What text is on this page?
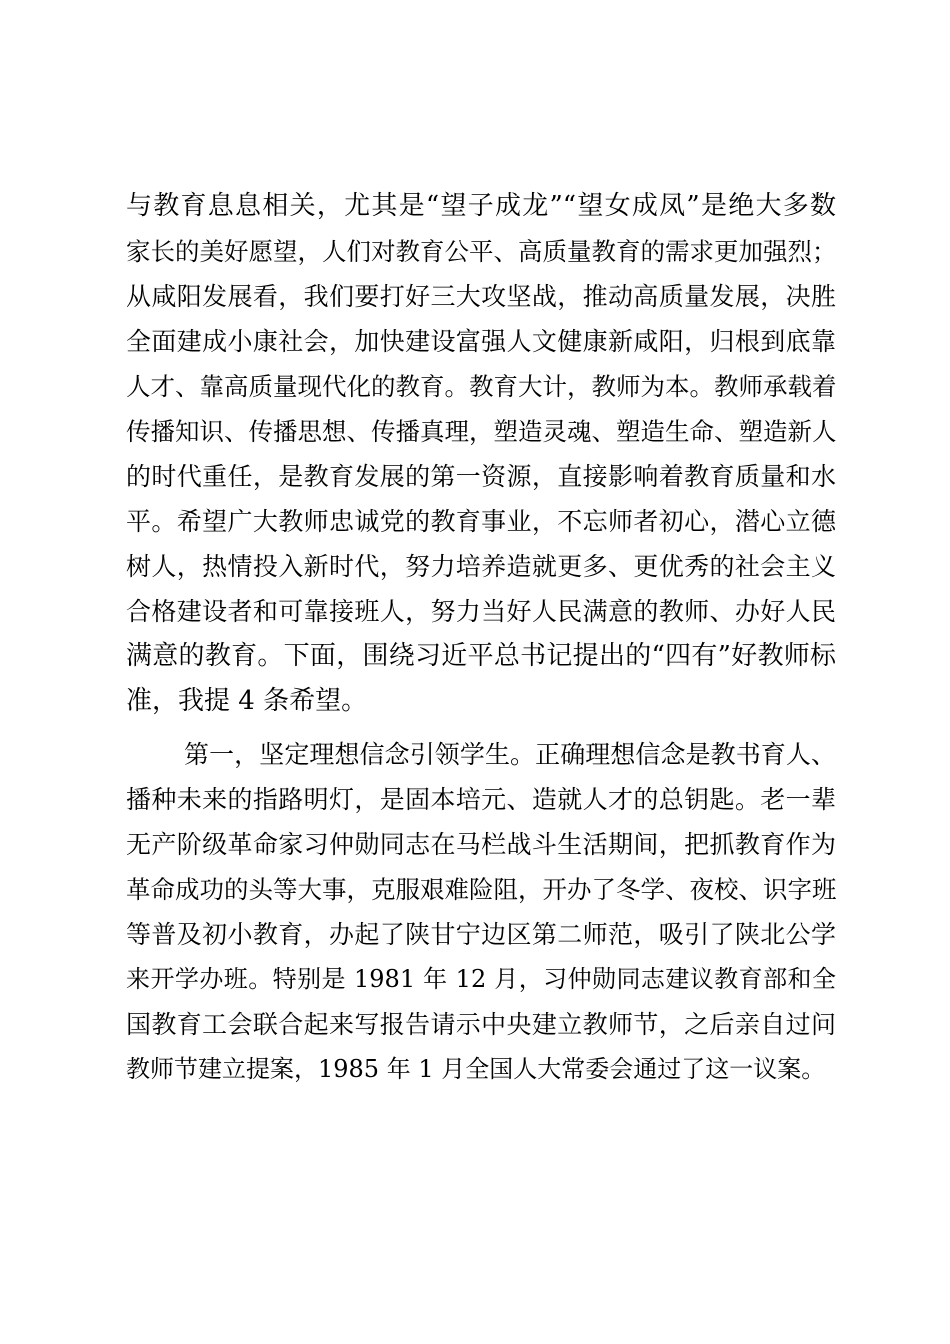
与教育息息相关，尤其是“望子成龙”“望女成凤”是绝大多数
家长的美好愿望，人们对教育公平、高质量教育的需求更加强烈；
从咸阳发展看，我们要打好三大攻坚战，推动高质量发展，决胜
全面建成小康社会，加快建设富强人文健康新咸阳，归根到底靠
人才、靠高质量现代化的教育。教育大计，教师为本。教师承载着
传播知识、传播思想、传播真理，塑造灵魂、塑造生命、塑造新人
的时代重任，是教育发展的第一资源，直接影响着教育质量和水
平。希望广大教师忠诚党的教育事业，不忘师者初心，潜心立德
树人，热情投入新时代，努力培养造就更多、更优秀的社会主义
合格建设者和可靠接班人，努力当好人民满意的教师、办好人民
满意的教育。下面，围绕习近平总书记提出的“四有”好教师标
准，我提 4 条希望。
第一，坚定理想信念引领学生。正确理想信念是教书育人、
播种未来的指路明灯，是固本培元、造就人才的总钥匙。老一辈
无产阶级革命家习仲勋同志在马栏战斗生活期间，把抓教育作为
革命成功的头等大事，克服艰难险阻，开办了冬学、夜校、识字班
等普及初小教育，办起了陕甘宁边区第二师范，吸引了陕北公学
来开学办班。特别是 1981 年 12 月，习仲勋同志建议教育部和全
国教育工会联合起来写报告请示中央建立教师节，之后亲自过问
教师节建立提案，1985 年 1 月全国人大常委会通过了这一议案。
